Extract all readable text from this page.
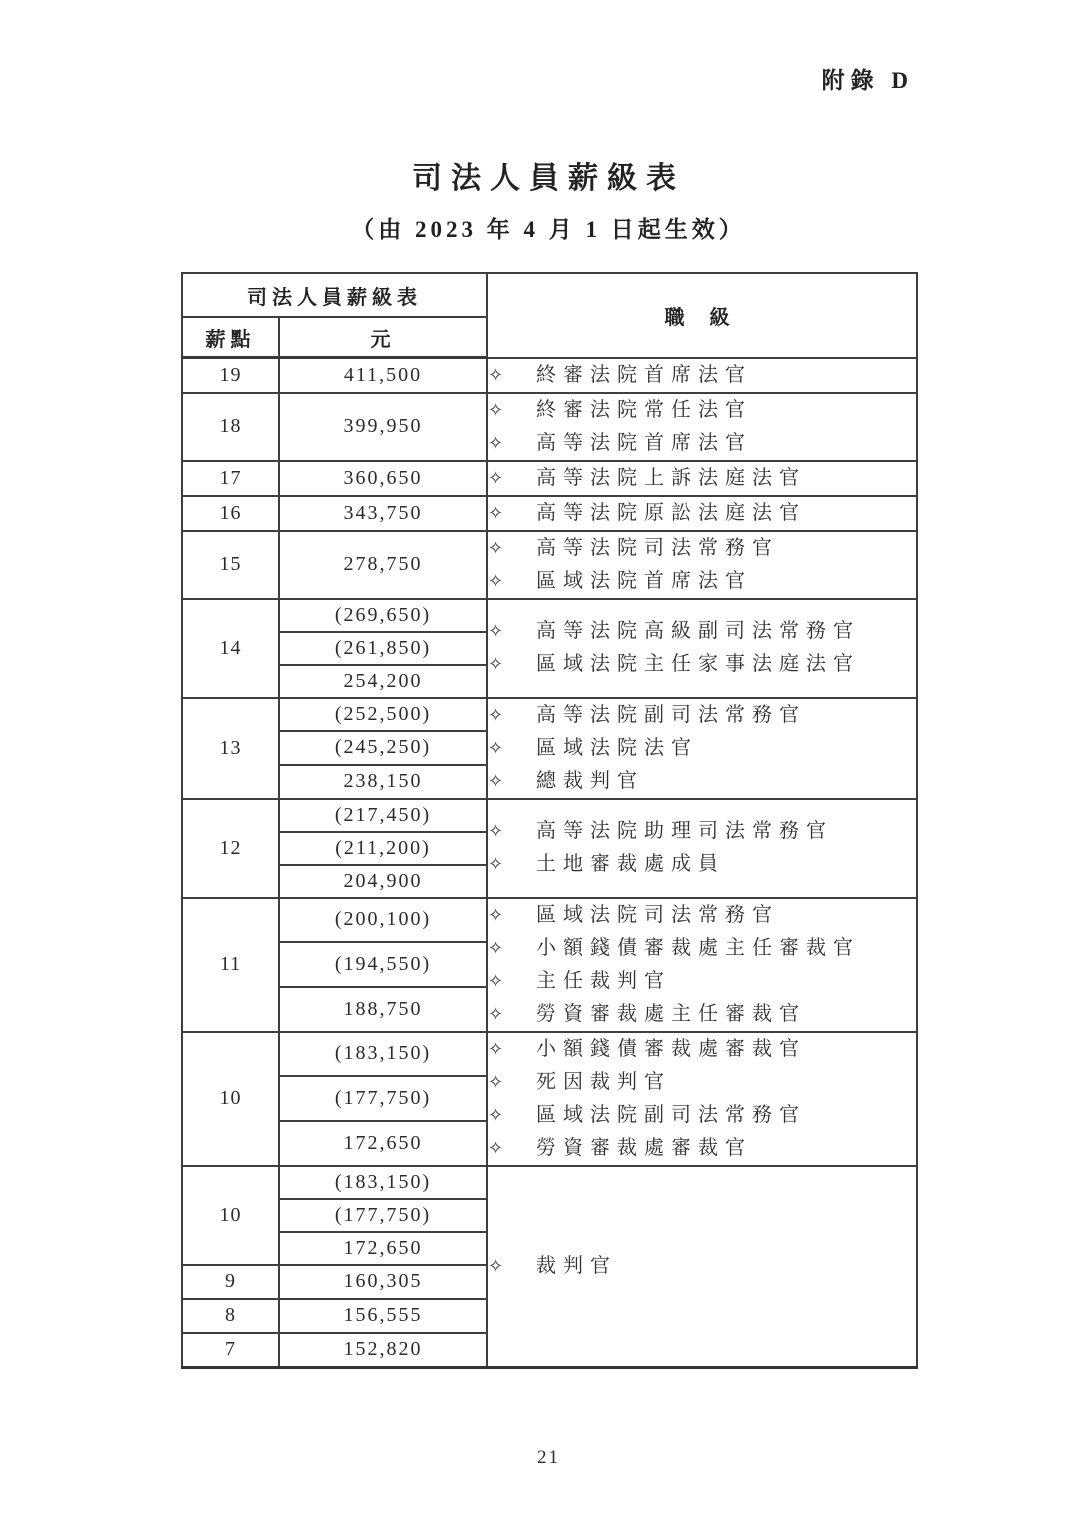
附錄 D
司法人員薪級表
（由 2023 年 4 月 1 日起生效）
司法人員薪級表		職 級
薪點	元	
19	411,500	✧ 終審法院首席法官

18	399,950	✧ 終審法院常任法官
✧ 高等法院首席法官

17	360,650	✧ 高等法院上訴法庭法官

16	343,750	✧ 高等法院原訟法庭法官

15	278,750	✧ 高等法院司法常務官
✧ 區域法院首席法官

14	(269,650)	✧ 高等法院高級副司法常務官
✧ 區域法院主任家事法庭法官

	(261,850)	
	254,200	
13	(252,500)	✧	高等法院副司法常務官
✧	區域法院法官
✧	總裁判官

	(245,250)	
	238,150	
12	(217,450)	✧ 高等法院助理司法常務官
✧ 土地審裁處成員

	(211,200)	
	204,900	
11	(200,100)	✧	區域法院司法常務官
✧	小額錢債審裁處主任審裁官
✧	主任裁判官
✧	勞資審裁處主任審裁官

	(194,550)	
	188,750	
10	(183,150)	✧	小額錢債審裁處審裁官
✧	死因裁判官
✧	區域法院副司法常務官
✧	勞資審裁處審裁官

	(177,750)	
	172,650	
10	(183,150)	✧ 裁判官

	(177,750)	
	172,650	
9	160,305	
8	156,555	
7	152,820	
21
